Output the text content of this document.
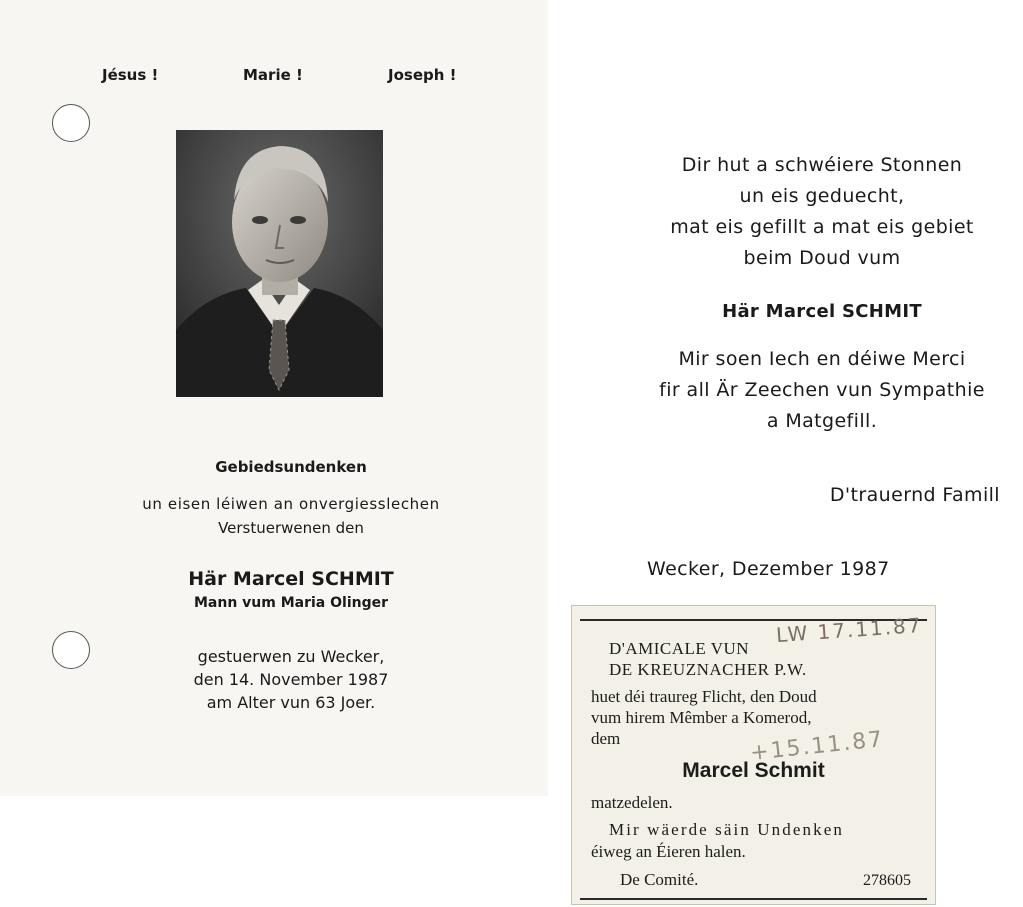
Jésus !	Marie !	Joseph !
Gebiedsundenken
un eisen léiwen an onvergiesslechen
Verstuerwenen den
Här Marcel SCHMIT
Mann vum Maria Olinger
gestuerwen zu Wecker,
den 14. November 1987
am Alter vun 63 Joer.
Dir hut a schwéiere Stonnen
un eis geduecht,
mat eis gefillt a mat eis gebiet
beim Doud vum
Här Marcel SCHMIT
Mir soen Iech en déiwe Merci
fir all Är Zeechen vun Sympathie
a Matgefill.
D'trauernd Famill
Wecker, Dezember 1987
D'AMICALE VUN
DE KREUZNACHER P.W.
huet déi traureg Flicht, den Doud
vum hirem Mêmber a Komerod,
dem
Marcel Schmit
matzedelen.
Mir wäerde säin Undenken
éiweg an Éieren halen.
De Comité.	278605
LW 17.11.87
+15.11.87
